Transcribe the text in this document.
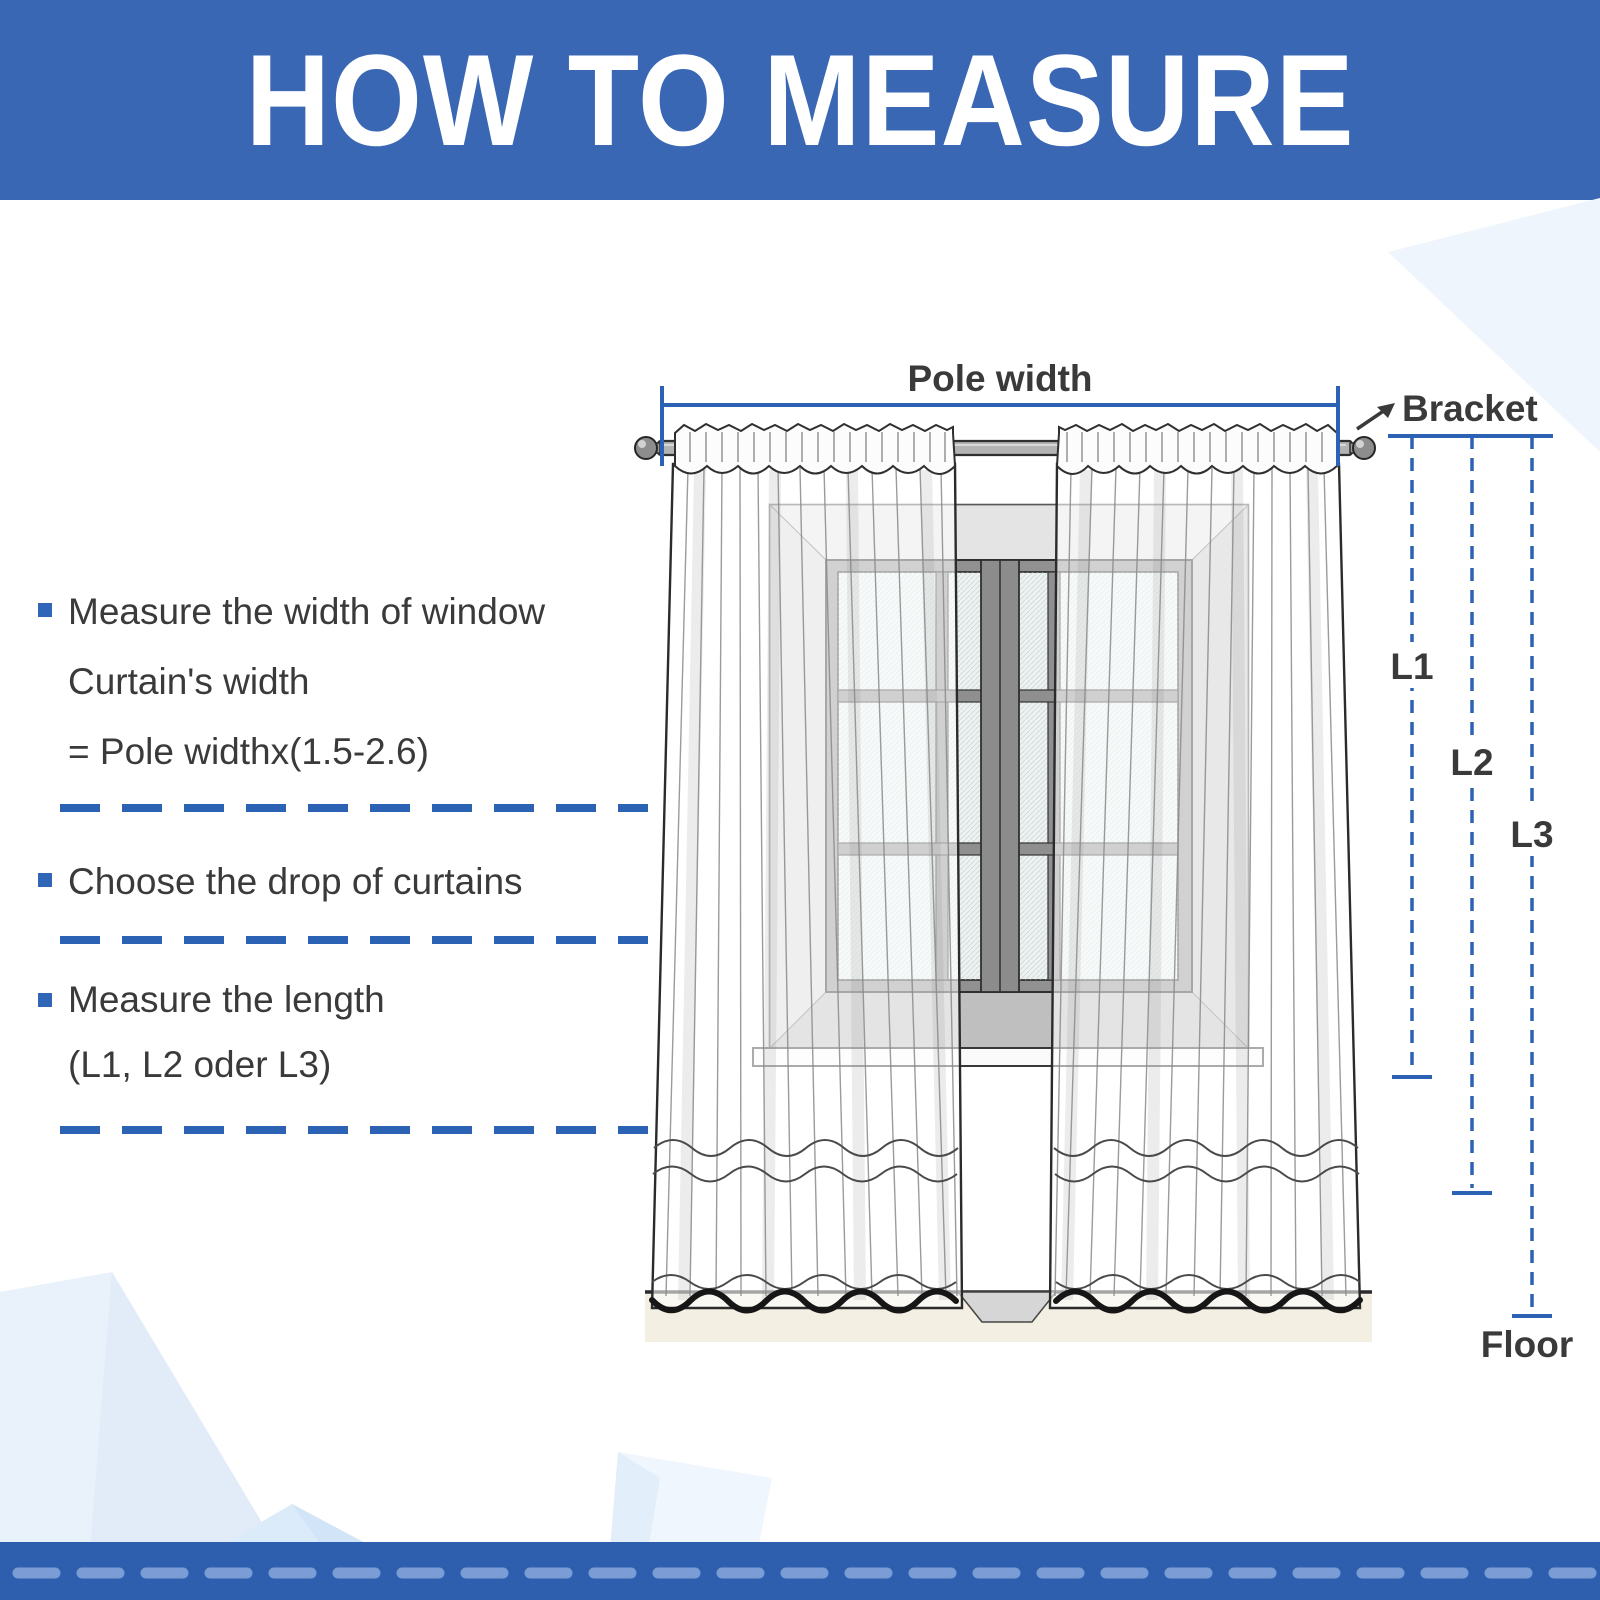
HOW TO MEASURE
Pole width
Bracket
L1
L2
L3
Floor
Measure the width of window
Curtain's width
= Pole widthx(1.5-2.6)
Choose the drop of curtains
Measure the length
(L1, L2 oder L3)
